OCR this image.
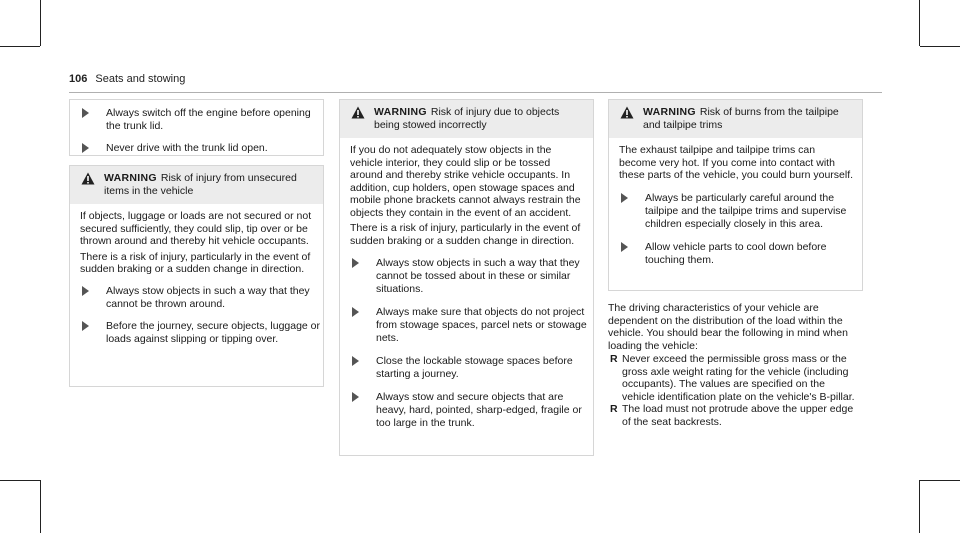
106 Seats and stowing
Always switch off the engine before opening the trunk lid.
Never drive with the trunk lid open.
WARNING Risk of injury from unsecured items in the vehicle
If objects, luggage or loads are not secured or not secured sufficiently, they could slip, tip over or be thrown around and thereby hit vehicle occupants.
There is a risk of injury, particularly in the event of sudden braking or a sudden change in direction.
Always stow objects in such a way that they cannot be thrown around.
Before the journey, secure objects, luggage or loads against slipping or tipping over.
WARNING Risk of injury due to objects being stowed incorrectly
If you do not adequately stow objects in the vehicle interior, they could slip or be tossed around and thereby strike vehicle occupants. In addition, cup holders, open stowage spaces and mobile phone brackets cannot always restrain the objects they contain in the event of an accident.
There is a risk of injury, particularly in the event of sudden braking or a sudden change in direction.
Always stow objects in such a way that they cannot be tossed about in these or similar situations.
Always make sure that objects do not project from stowage spaces, parcel nets or stowage nets.
Close the lockable stowage spaces before starting a journey.
Always stow and secure objects that are heavy, hard, pointed, sharp-edged, fragile or too large in the trunk.
WARNING Risk of burns from the tailpipe and tailpipe trims
The exhaust tailpipe and tailpipe trims can become very hot. If you come into contact with these parts of the vehicle, you could burn yourself.
Always be particularly careful around the tailpipe and the tailpipe trims and supervise children especially closely in this area.
Allow vehicle parts to cool down before touching them.
The driving characteristics of your vehicle are dependent on the distribution of the load within the vehicle. You should bear the following in mind when loading the vehicle:
R Never exceed the permissible gross mass or the gross axle weight rating for the vehicle (including occupants). The values are specified on the vehicle identification plate on the vehicle's B-pillar.
R The load must not protrude above the upper edge of the seat backrests.
